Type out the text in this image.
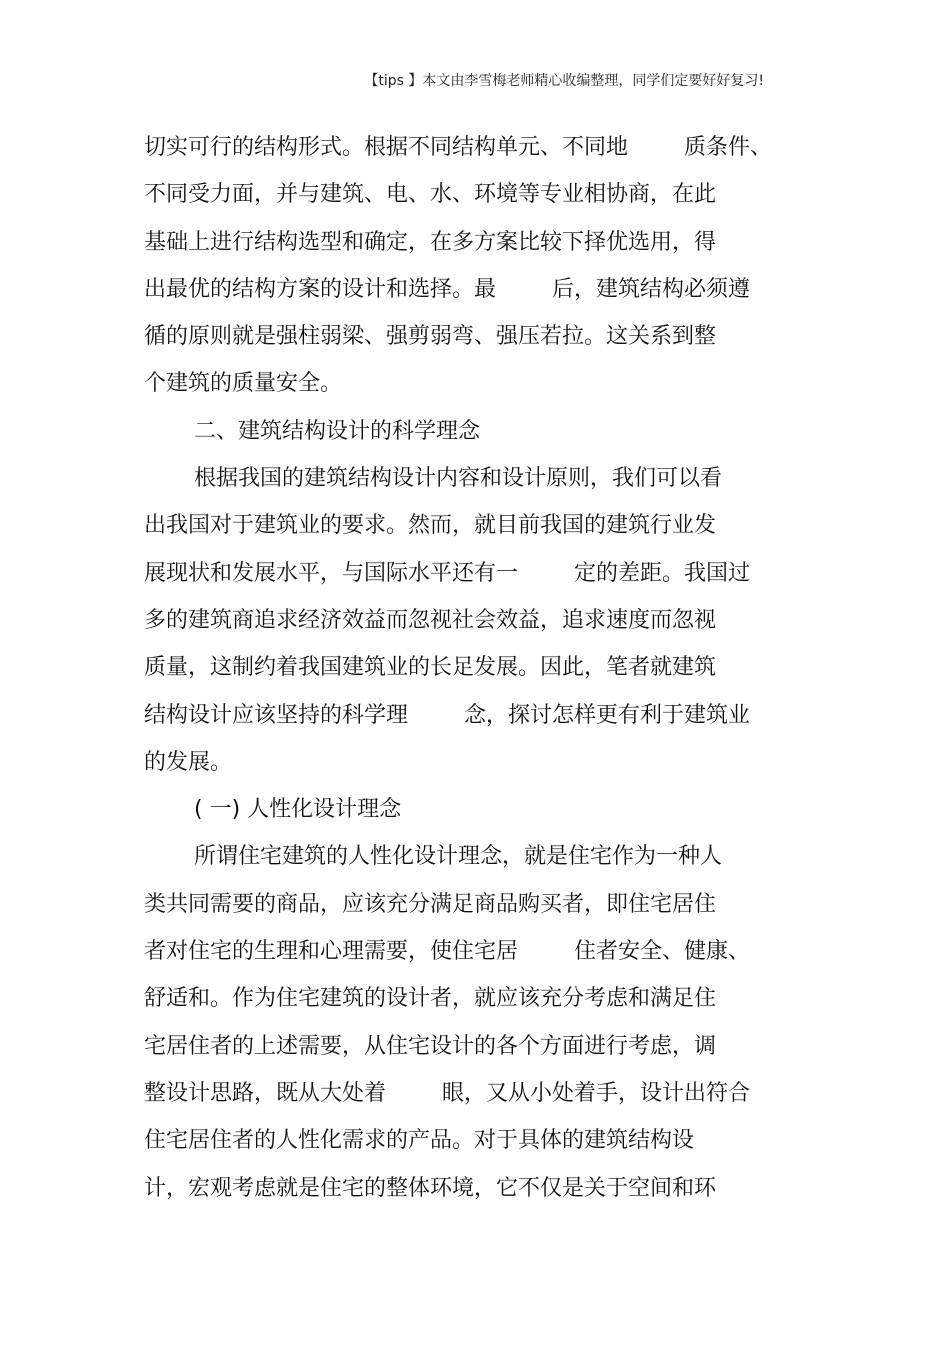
【tips 】本文由李雪梅老师精心收编整理，同学们定要好好复习!
切实可行的结构形式。根据不同结构单元、不同地        质条件、
不同受力面，并与建筑、电、水、环境等专业相协商，在此
基础上进行结构选型和确定，在多方案比较下择优选用，得
出最优的结构方案的设计和选择。最        后，建筑结构必须遵
循的原则就是强柱弱梁、强剪弱弯、强压若拉。这关系到整
个建筑的质量安全。
二、建筑结构设计的科学理念
根据我国的建筑结构设计内容和设计原则，我们可以看
出我国对于建筑业的要求。然而，就目前我国的建筑行业发
展现状和发展水平，与国际水平还有一        定的差距。我国过
多的建筑商追求经济效益而忽视社会效益，追求速度而忽视
质量，这制约着我国建筑业的长足发展。因此，笔者就建筑
结构设计应该坚持的科学理        念，探讨怎样更有利于建筑业
的发展。
( 一) 人性化设计理念
所谓住宅建筑的人性化设计理念，就是住宅作为一种人
类共同需要的商品，应该充分满足商品购买者，即住宅居住
者对住宅的生理和心理需要，使住宅居        住者安全、健康、
舒适和。作为住宅建筑的设计者，就应该充分考虑和满足住
宅居住者的上述需要，从住宅设计的各个方面进行考虑，调
整设计思路，既从大处着        眼，又从小处着手，设计出符合
住宅居住者的人性化需求的产品。对于具体的建筑结构设
计，宏观考虑就是住宅的整体环境，它不仅是关于空间和环
